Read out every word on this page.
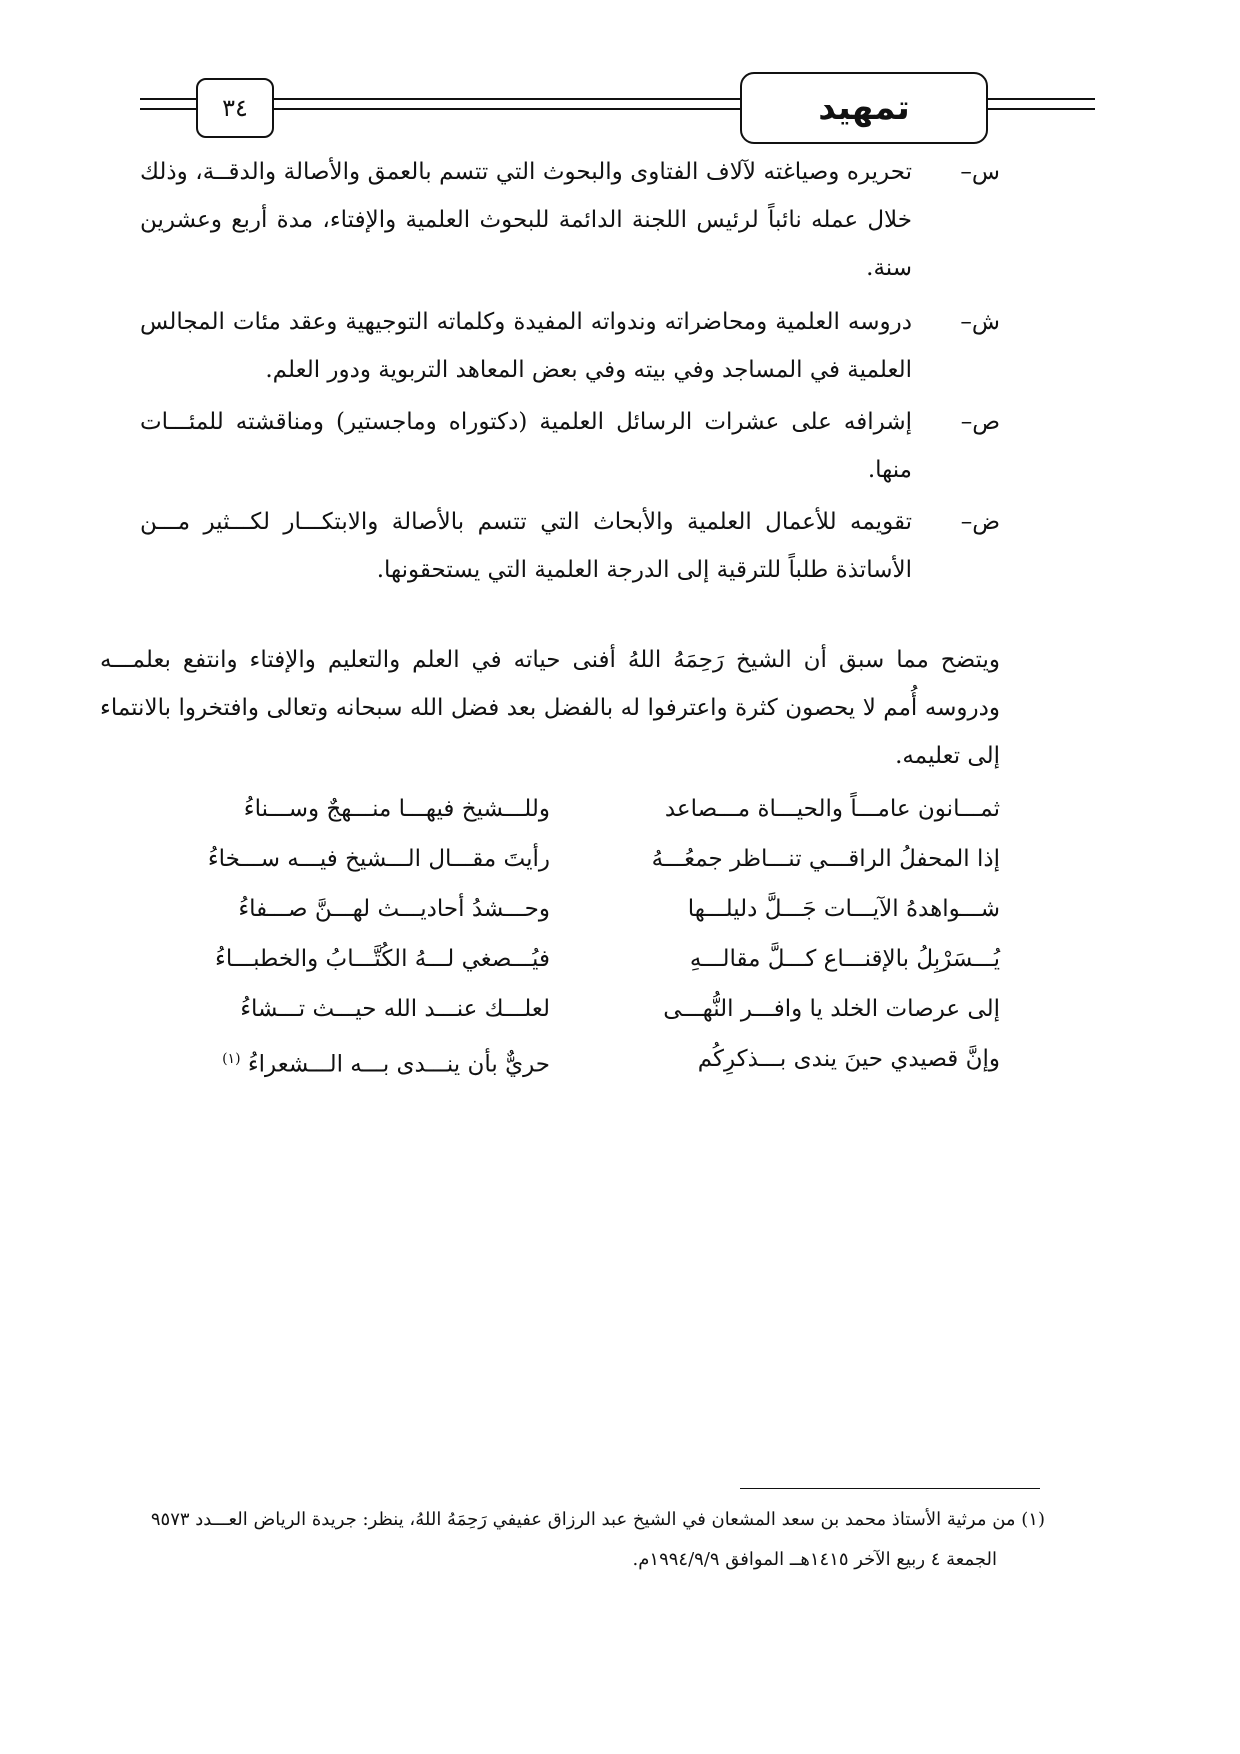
تمهيد
٣٤
س–
تحريره وصياغته لآلاف الفتاوى والبحوث التي تتسم بالعمق والأصالة والدقــة، وذلك خلال عمله نائباً لرئيس اللجنة الدائمة للبحوث العلمية والإفتاء، مدة أربع وعشرين سنة.
ش–
دروسه العلمية ومحاضراته وندواته المفيدة وكلماته التوجيهية وعقد مئات المجالس العلمية في المساجد وفي بيته وفي بعض المعاهد التربوية ودور العلم.
ص–
إشرافه على عشرات الرسائل العلمية (دكتوراه وماجستير) ومناقشته للمئـــات منها.
ض–
تقويمه للأعمال العلمية والأبحاث التي تتسم بالأصالة والابتكـــار لكـــثير مـــن الأساتذة طلباً للترقية إلى الدرجة العلمية التي يستحقونها.
ويتضح مما سبق أن الشيخ رَحِمَهُ اللهُ أفنى حياته في العلم والتعليم والإفتاء وانتفع بعلمـــه ودروسه أُمم لا يحصون كثرة واعترفوا له بالفضل بعد فضل الله سبحانه وتعالى وافتخروا بالانتماء إلى تعليمه.
ثمـــانون عامـــاً والحيـــاة مـــصاعد
وللـــشيخ فيهـــا منـــهجٌ وســـناءُ
إذا المحفلُ الراقـــي تنـــاظر جمعُـــهُ
رأيتَ مقـــال الـــشيخ فيـــه ســـخاءُ
شـــواهدهُ الآيـــات جَـــلَّ دليلـــها
وحـــشدُ أحاديـــث لهـــنَّ صـــفاءُ
يُـــسَرْبِلُ بالإقنـــاع كـــلَّ مقالـــهِ
فيُـــصغي لـــهُ الكُتَّـــابُ والخطبـــاءُ
إلى عرصات الخلد يا وافـــر النُّهـــى
لعلـــك عنـــد الله حيـــث تـــشاءُ
وإنَّ قصيدي حينَ يندى بـــذكرِكُم
حريٌّ بأن ينـــدى بـــه الـــشعراءُ $^{(١)}$
(١) من مرثية الأستاذ محمد بن سعد المشعان في الشيخ عبد الرزاق عفيفي رَحِمَهُ اللهُ، ينظر: جريدة الرياض العـــدد ٩٥٧٣
الجمعة ٤ ربيع الآخر ١٤١٥هــ الموافق ١٩٩٤/٩/٩م.
